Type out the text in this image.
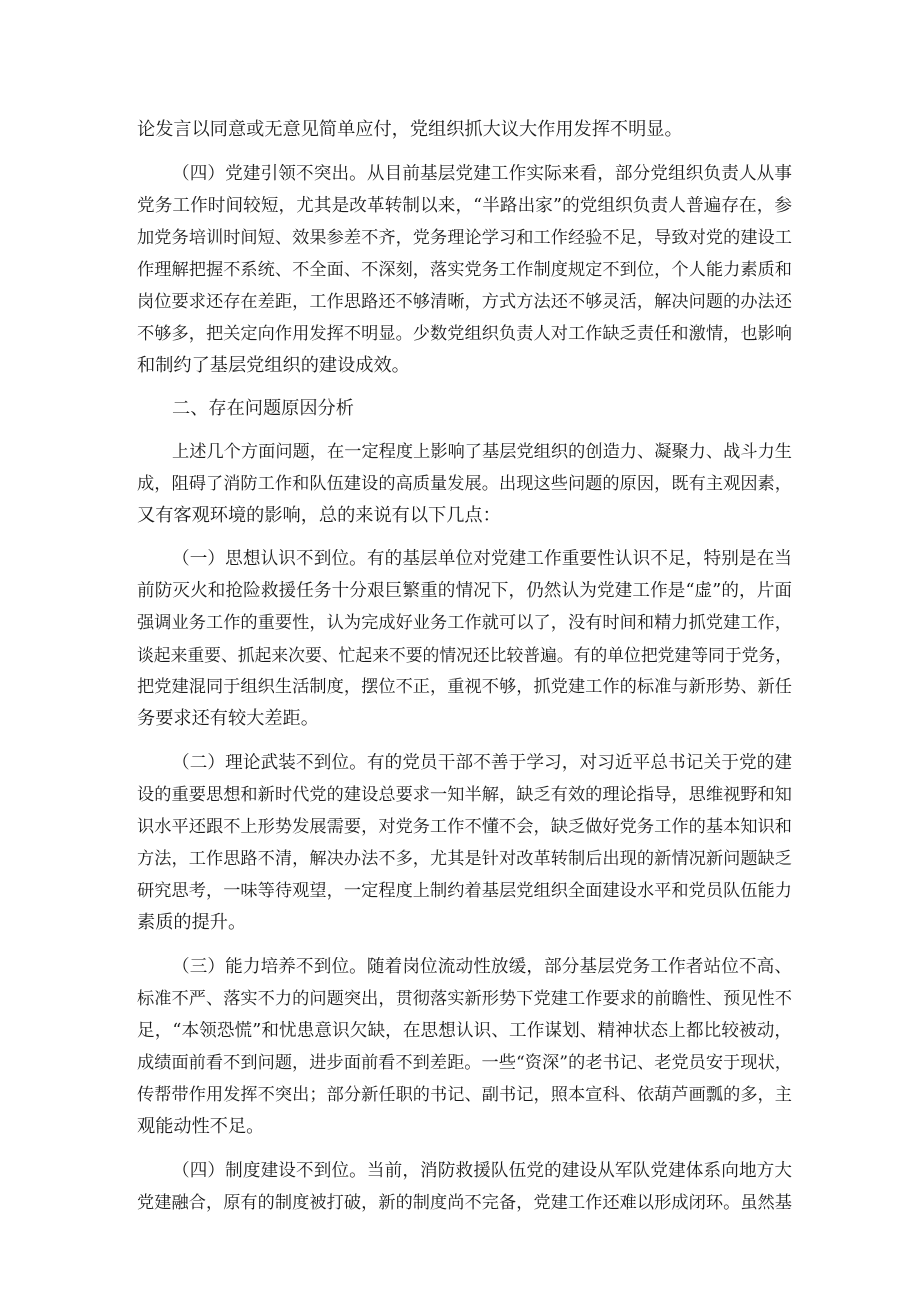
论发言以同意或无意见简单应付，党组织抓大议大作用发挥不明显。
（四）党建引领不突出。从目前基层党建工作实际来看，部分党组织负责人从事
党务工作时间较短，尤其是改革转制以来，“半路出家”的党组织负责人普遍存在，参
加党务培训时间短、效果参差不齐，党务理论学习和工作经验不足，导致对党的建设工
作理解把握不系统、不全面、不深刻，落实党务工作制度规定不到位，个人能力素质和
岗位要求还存在差距，工作思路还不够清晰，方式方法还不够灵活，解决问题的办法还
不够多，把关定向作用发挥不明显。少数党组织负责人对工作缺乏责任和激情，也影响
和制约了基层党组织的建设成效。
二、存在问题原因分析
上述几个方面问题，在一定程度上影响了基层党组织的创造力、凝聚力、战斗力生
成，阻碍了消防工作和队伍建设的高质量发展。出现这些问题的原因，既有主观因素，
又有客观环境的影响，总的来说有以下几点：
（一）思想认识不到位。有的基层单位对党建工作重要性认识不足，特别是在当
前防灭火和抢险救援任务十分艰巨繁重的情况下，仍然认为党建工作是“虚”的，片面
强调业务工作的重要性，认为完成好业务工作就可以了，没有时间和精力抓党建工作，
谈起来重要、抓起来次要、忙起来不要的情况还比较普遍。有的单位把党建等同于党务，
把党建混同于组织生活制度，摆位不正，重视不够，抓党建工作的标准与新形势、新任
务要求还有较大差距。
（二）理论武装不到位。有的党员干部不善于学习，对习近平总书记关于党的建
设的重要思想和新时代党的建设总要求一知半解，缺乏有效的理论指导，思维视野和知
识水平还跟不上形势发展需要，对党务工作不懂不会，缺乏做好党务工作的基本知识和
方法，工作思路不清，解决办法不多，尤其是针对改革转制后出现的新情况新问题缺乏
研究思考，一味等待观望，一定程度上制约着基层党组织全面建设水平和党员队伍能力
素质的提升。
（三）能力培养不到位。随着岗位流动性放缓，部分基层党务工作者站位不高、
标准不严、落实不力的问题突出，贯彻落实新形势下党建工作要求的前瞻性、预见性不
足，“本领恐慌”和忧患意识欠缺，在思想认识、工作谋划、精神状态上都比较被动，
成绩面前看不到问题，进步面前看不到差距。一些“资深”的老书记、老党员安于现状，
传帮带作用发挥不突出；部分新任职的书记、副书记，照本宣科、依葫芦画瓢的多，主
观能动性不足。
（四）制度建设不到位。当前，消防救援队伍党的建设从军队党建体系向地方大
党建融合，原有的制度被打破，新的制度尚不完备，党建工作还难以形成闭环。虽然基
